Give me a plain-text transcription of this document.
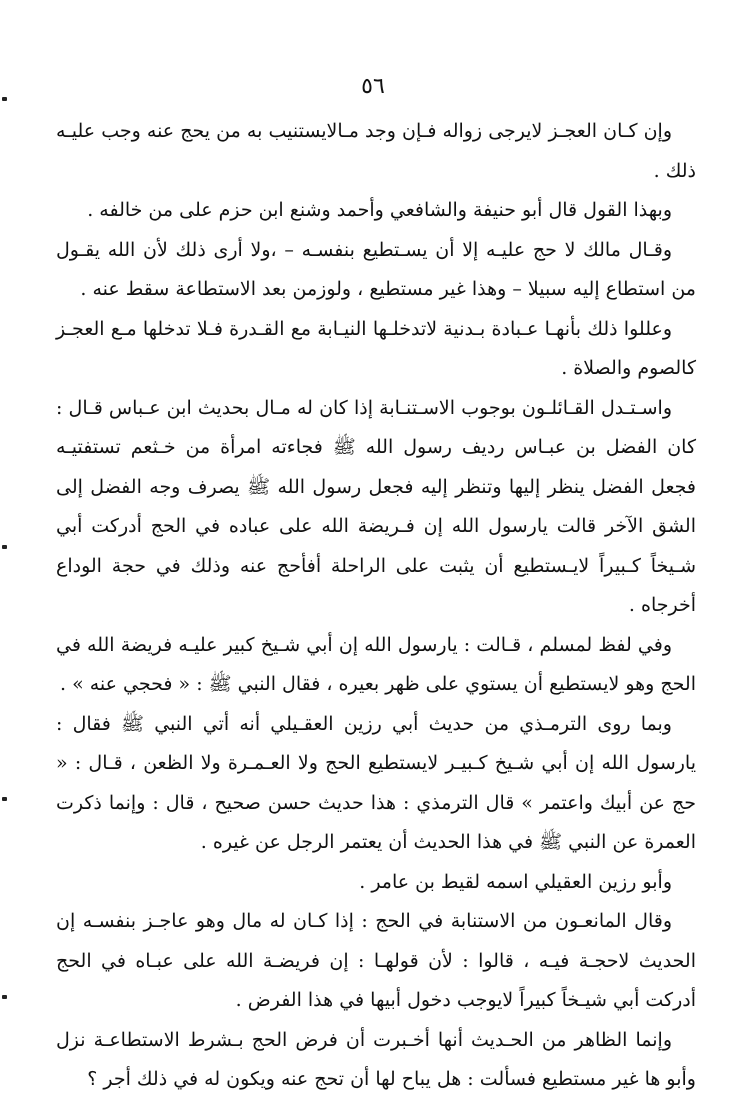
٥٦

وإن كـان العجـز لايرجى زواله فـإن وجد مـالايستنيب به من يحج عنه وجب عليـه ذلك .

وبهذا القول قال أبو حنيفة والشافعي وأحمد وشنع ابن حزم على من خالفه .

وقـال مالك لا حج عليـه إلا أن يسـتطيع بنفسـه – ،ولا أرى ذلك لأن الله يقـول من استطاع إليه سبيلا – وهذا غير مستطيع ، ولوزمن بعد الاستطاعة سقط عنه .

وعللوا ذلك بأنهـا عـبادة بـدنية لاتدخلـها النيـابة مع القـدرة فـلا تدخلها مـع العجـز كالصوم والصلاة .

واسـتـدل القـائلـون بوجوب الاسـتنـابة إذا كان له مـال بحديث ابن عـباس قـال : كان الفضل بن عبـاس رديف رسول الله ﷺ فجاءته امرأة من خـثعم تستفتيـه فجعل الفضل ينظر إليها وتنظر إليه فجعل رسول الله ﷺ يصرف وجه الفضل إلى الشق الآخر قالت يارسول الله إن فـريضة الله على عباده في الحج أدركت أبي شـيخاً كـبيراً لايـستطيع أن يثبت على الراحلة أفأحج عنه وذلك في حجة الوداع أخرجاه .

وفي لفظ لمسلم ، قـالت : يارسول الله إن أبي شـيخ كبير عليـه فريضة الله في الحج وهو لايستطيع أن يستوي على ظهر بعيره ، فقال النبي ﷺ : « فحجي عنه » .

وبما روى الترمـذي من حديث أبي رزين العقـيلي أنه أتي النبي ﷺ فقال : يارسول الله إن أبي شـيخ كـبيـر لايستطيع الحج ولا العـمـرة ولا الظعن ، قـال : « حج عن أبيك واعتمر » قال الترمذي : هذا حديث حسن صحيح ، قال : وإنما ذكرت العمرة عن النبي ﷺ في هذا الحديث أن يعتمر الرجل عن غيره .

وأبو رزين العقيلي اسمه لقيط بن عامر .

وقال المانعـون من الاستنابة في الحج : إذا كـان له مال وهو عاجـز بنفسـه إن الحديث لاحجـة فيـه ، قالوا : لأن قولهـا : إن فريضـة الله على عبـاه في الحج أدركت أبي شيـخاً كبيراً لايوجب دخول أبيها في هذا الفرض .

وإنما الظاهر من الحـديث أنها أخـبرت أن فرض الحج بـشرط الاستطاعـة نزل وأبو ها غير مستطيع فسألت : هل يباح لها أن تحج عنه ويكون له في ذلك أجر ؟
